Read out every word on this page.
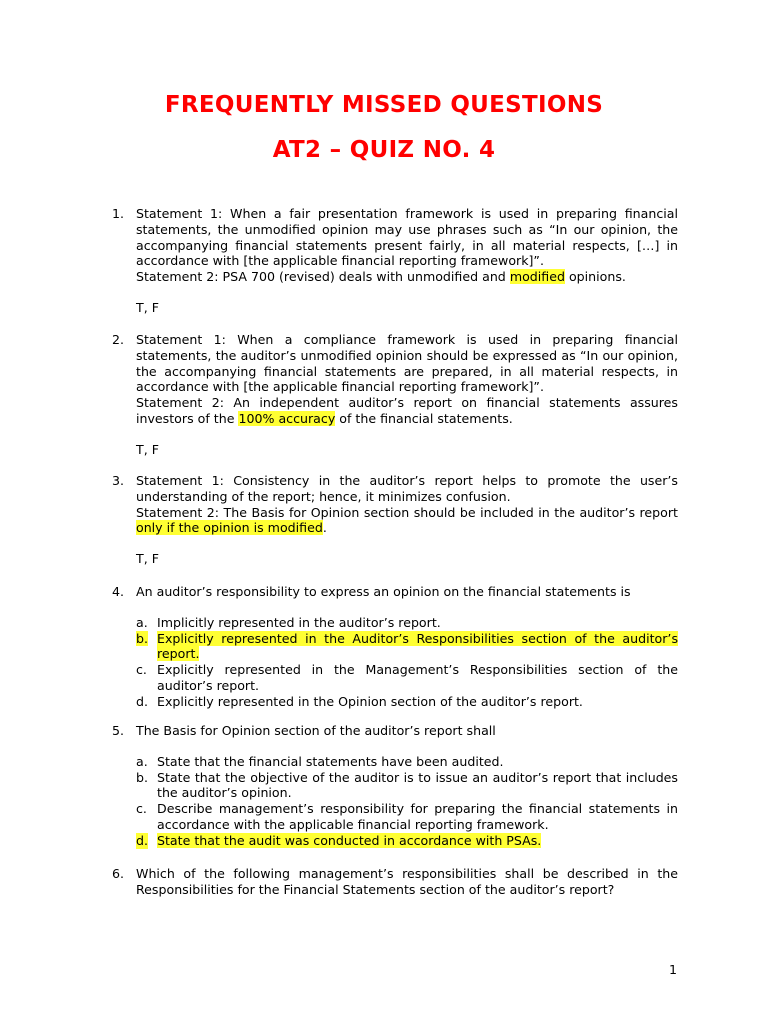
FREQUENTLY MISSED QUESTIONS
AT2 – QUIZ NO. 4
1. Statement 1: When a fair presentation framework is used in preparing financial statements, the unmodified opinion may use phrases such as “In our opinion, the accompanying financial statements present fairly, in all material respects, […] in accordance with [the applicable financial reporting framework]”.
Statement 2: PSA 700 (revised) deals with unmodified and modified opinions.
T, F
2. Statement 1: When a compliance framework is used in preparing financial statements, the auditor’s unmodified opinion should be expressed as “In our opinion, the accompanying financial statements are prepared, in all material respects, in accordance with [the applicable financial reporting framework]”.
Statement 2: An independent auditor’s report on financial statements assures investors of the 100% accuracy of the financial statements.
T, F
3. Statement 1: Consistency in the auditor’s report helps to promote the user’s understanding of the report; hence, it minimizes confusion.
Statement 2: The Basis for Opinion section should be included in the auditor’s report only if the opinion is modified.
T, F
4. An auditor’s responsibility to express an opinion on the financial statements is
a. Implicitly represented in the auditor’s report.
b. Explicitly represented in the Auditor’s Responsibilities section of the auditor’s report.
c. Explicitly represented in the Management’s Responsibilities section of the auditor’s report.
d. Explicitly represented in the Opinion section of the auditor’s report.
5. The Basis for Opinion section of the auditor’s report shall
a. State that the financial statements have been audited.
b. State that the objective of the auditor is to issue an auditor’s report that includes the auditor’s opinion.
c. Describe management’s responsibility for preparing the financial statements in accordance with the applicable financial reporting framework.
d. State that the audit was conducted in accordance with PSAs.
6. Which of the following management’s responsibilities shall be described in the Responsibilities for the Financial Statements section of the auditor’s report?
1
